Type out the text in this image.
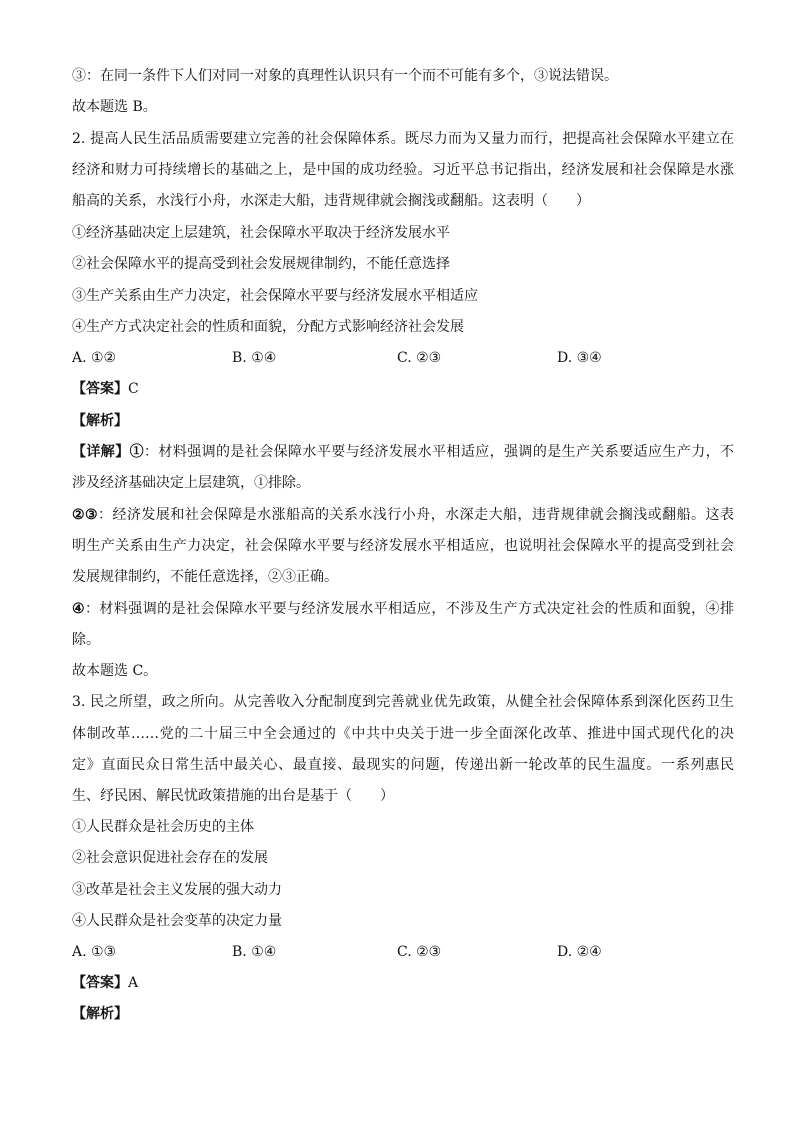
③：在同一条件下人们对同一对象的真理性认识只有一个而不可能有多个，③说法错误。
故本题选 B。
2. 提高人民生活品质需要建立完善的社会保障体系。既尽力而为又量力而行，把提高社会保障水平建立在
经济和财力可持续增长的基础之上，是中国的成功经验。习近平总书记指出，经济发展和社会保障是水涨
船高的关系，水浅行小舟，水深走大船，违背规律就会搁浅或翻船。这表明（　　）
①经济基础决定上层建筑，社会保障水平取决于经济发展水平
②社会保障水平的提高受到社会发展规律制约，不能任意选择
③生产关系由生产力决定，社会保障水平要与经济发展水平相适应
④生产方式决定社会的性质和面貌，分配方式影响经济社会发展
A. ①②	B. ①④	C. ②③	D. ③④
【答案】C
【解析】
【详解】①：材料强调的是社会保障水平要与经济发展水平相适应，强调的是生产关系要适应生产力，不
涉及经济基础决定上层建筑，①排除。
②③：经济发展和社会保障是水涨船高的关系水浅行小舟，水深走大船，违背规律就会搁浅或翻船。这表
明生产关系由生产力决定，社会保障水平要与经济发展水平相适应，也说明社会保障水平的提高受到社会
发展规律制约，不能任意选择，②③正确。
④：材料强调的是社会保障水平要与经济发展水平相适应，不涉及生产方式决定社会的性质和面貌，④排
除。
故本题选 C。
3. 民之所望，政之所向。从完善收入分配制度到完善就业优先政策，从健全社会保障体系到深化医药卫生
体制改革……党的二十届三中全会通过的《中共中央关于进一步全面深化改革、推进中国式现代化的决
定》直面民众日常生活中最关心、最直接、最现实的问题，传递出新一轮改革的民生温度。一系列惠民
生、纾民困、解民忧政策措施的出台是基于（　　）
①人民群众是社会历史的主体
②社会意识促进社会存在的发展
③改革是社会主义发展的强大动力
④人民群众是社会变革的决定力量
A. ①③	B. ①④	C. ②③	D. ②④
【答案】A
【解析】
